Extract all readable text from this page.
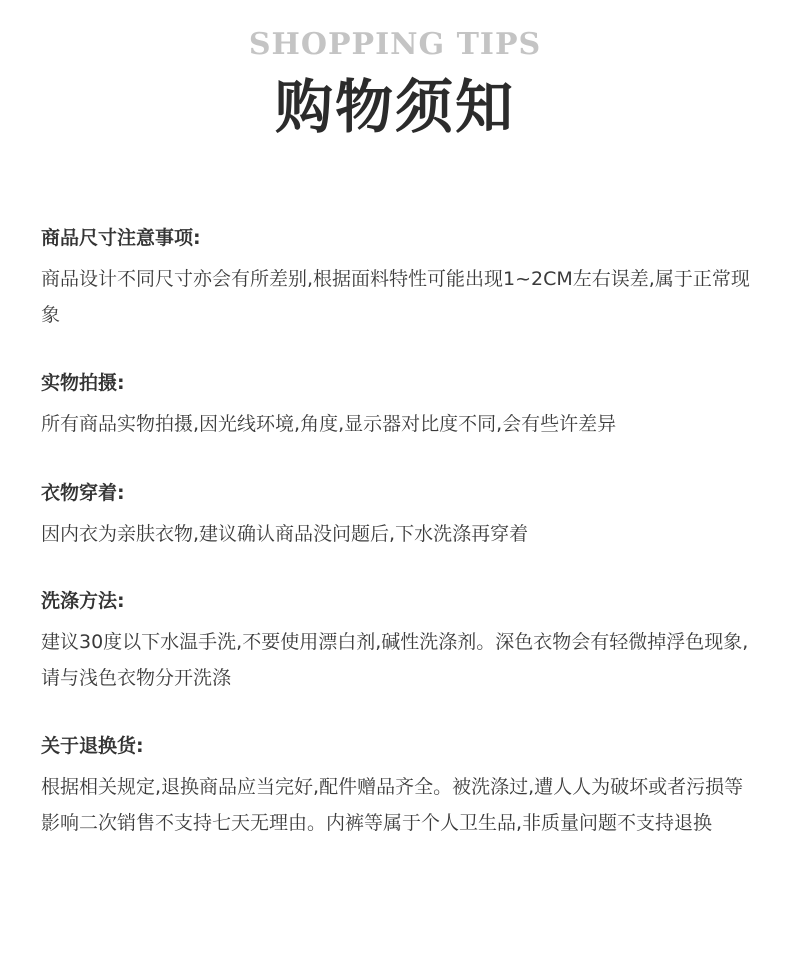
SHOPPING TIPS
购物须知
商品尺寸注意事项:

商品设计不同尺寸亦会有所差别,根据面料特性可能出现1~2CM左右误差,属于正常现象

实物拍摄:

所有商品实物拍摄,因光线环境,角度,显示器对比度不同,会有些许差异

衣物穿着:

因内衣为亲肤衣物,建议确认商品没问题后,下水洗涤再穿着

洗涤方法:

建议30度以下水温手洗,不要使用漂白剂,碱性洗涤剂。深色衣物会有轻微掉浮色现象,请与浅色衣物分开洗涤

关于退换货:

根据相关规定,退换商品应当完好,配件赠品齐全。被洗涤过,遭人人为破坏或者污损等影响二次销售不支持七天无理由。内裤等属于个人卫生品,非质量问题不支持退换
